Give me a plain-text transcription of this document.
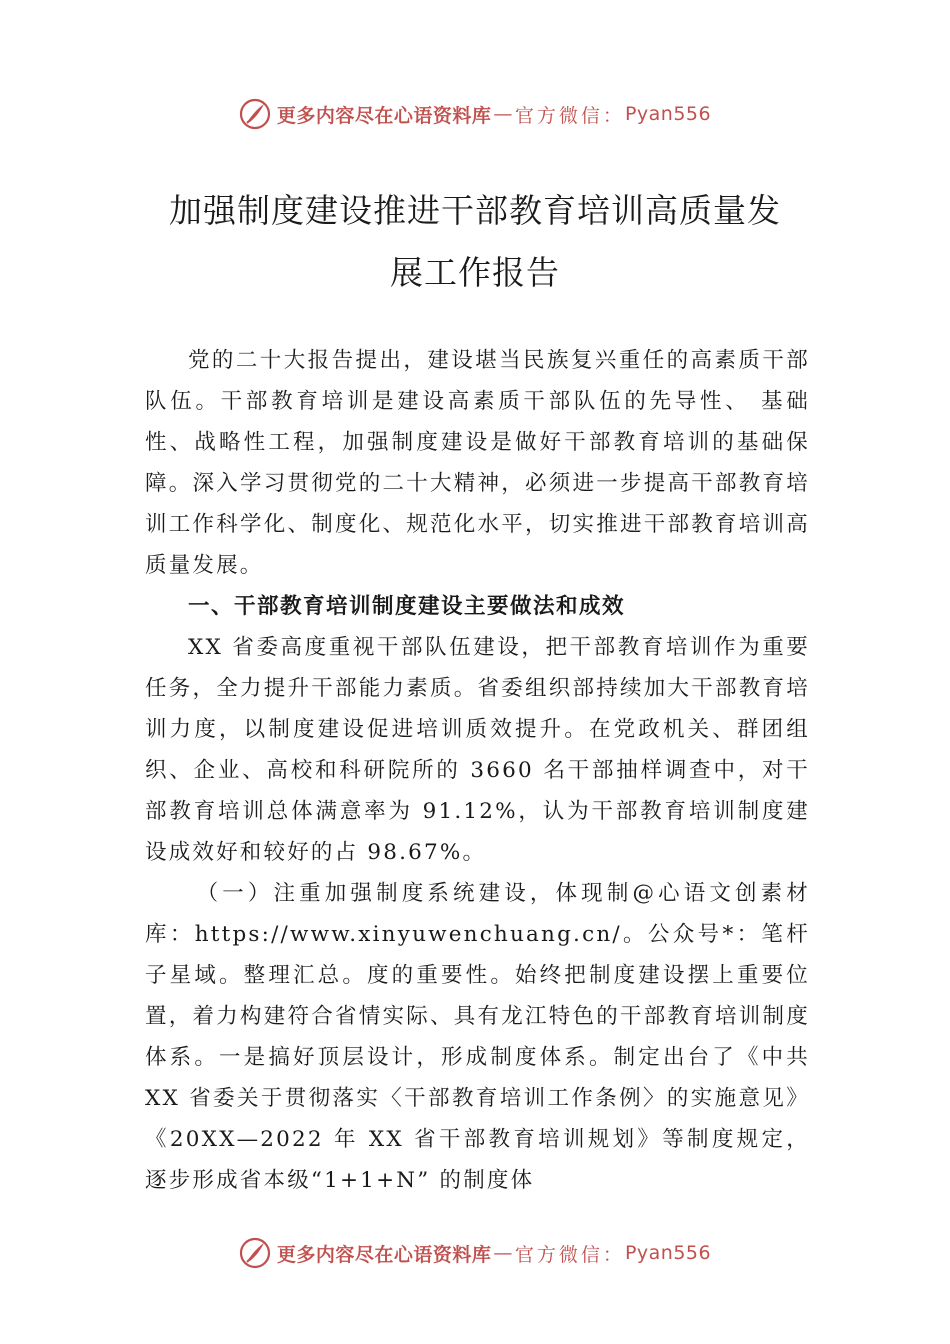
更多内容尽在心语资料库 — 官方微信： Pyan556
加强制度建设推进干部教育培训高质量发
展工作报告

党的二十大报告提出，建设堪当民族复兴重任的高素质干部队伍。干部教育培训是建设高素质干部队伍的先导性、 基础性、战略性工程，加强制度建设是做好干部教育培训的基础保障。深入学习贯彻党的二十大精神，必须进一步提高干部教育培训工作科学化、制度化、规范化水平，切实推进干部教育培训高质量发展。

一、干部教育培训制度建设主要做法和成效

XX 省委高度重视干部队伍建设，把干部教育培训作为重要任务，全力提升干部能力素质。省委组织部持续加大干部教育培训力度，以制度建设促进培训质效提升。在党政机关、群团组织、企业、高校和科研院所的 3660 名干部抽样调查中，对干部教育培训总体满意率为 91.12%，认为干部教育培训制度建设成效好和较好的占 98.67%。

（一）注重加强制度系统建设，体现制@心语文创素材库：https://www.xinyuwenchuang.cn/。公众号*：笔杆子星域。整理汇总。度的重要性。始终把制度建设摆上重要位置，着力构建符合省情实际、具有龙江特色的干部教育培训制度体系。一是搞好顶层设计，形成制度体系。制定出台了《中共 XX 省委关于贯彻落实〈干部教育培训工作条例〉的实施意见》《20XX—2022 年 XX 省干部教育培训规划》等制度规定，逐步形成省本级“1+1+N” 的制度体

更多内容尽在心语资料库 — 官方微信： Pyan556
